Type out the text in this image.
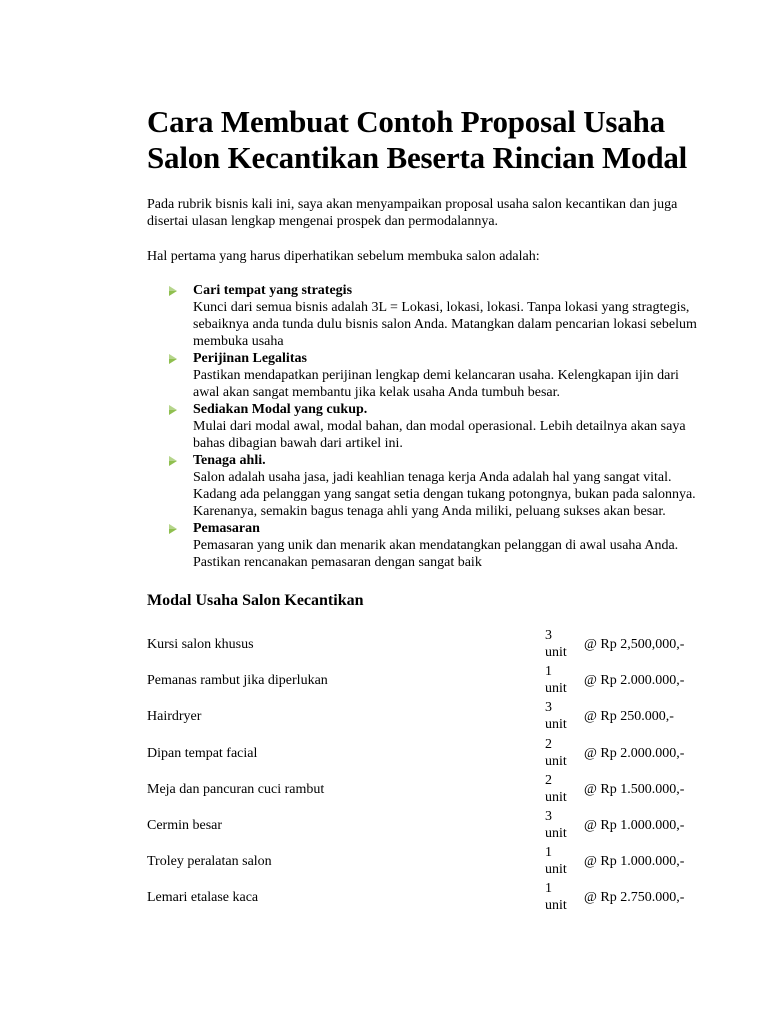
Cara Membuat Contoh Proposal Usaha Salon Kecantikan Beserta Rincian Modal

Pada rubrik bisnis kali ini, saya akan menyampaikan proposal usaha salon kecantikan dan juga disertai ulasan lengkap mengenai prospek dan permodalannya.

Hal pertama yang harus diperhatikan sebelum membuka salon adalah:

Cari tempat yang strategis
Kunci dari semua bisnis adalah 3L = Lokasi, lokasi, lokasi. Tanpa lokasi yang stragtegis, sebaiknya anda tunda dulu bisnis salon Anda. Matangkan dalam pencarian lokasi sebelum membuka usaha
Perijinan Legalitas
Pastikan mendapatkan perijinan lengkap demi kelancaran usaha. Kelengkapan ijin dari awal akan sangat membantu jika kelak usaha Anda tumbuh besar.
Sediakan Modal yang cukup.
Mulai dari modal awal, modal bahan, dan modal operasional. Lebih detailnya akan saya bahas dibagian bawah dari artikel ini.
Tenaga ahli.
Salon adalah usaha jasa, jadi keahlian tenaga kerja Anda adalah hal yang sangat vital. Kadang ada pelanggan yang sangat setia dengan tukang potongnya, bukan pada salonnya. Karenanya, semakin bagus tenaga ahli yang Anda miliki, peluang sukses akan besar.
Pemasaran
Pemasaran yang unik dan menarik akan mendatangkan pelanggan di awal usaha Anda. Pastikan rencanakan pemasaran dengan sangat baik
Modal Usaha Salon Kecantikan
Kursi salon khusus
3
unit
@ Rp 2,500,000,-
Pemanas rambut jika diperlukan
1
unit
@ Rp 2.000.000,-
Hairdryer
3
unit
@ Rp 250.000,-
Dipan tempat facial
2
unit
@ Rp 2.000.000,-
Meja dan pancuran cuci rambut
2
unit
@ Rp 1.500.000,-
Cermin besar
3
unit
@ Rp 1.000.000,-
Troley peralatan salon
1
unit
@ Rp 1.000.000,-
Lemari etalase kaca
1
unit
@ Rp 2.750.000,-
